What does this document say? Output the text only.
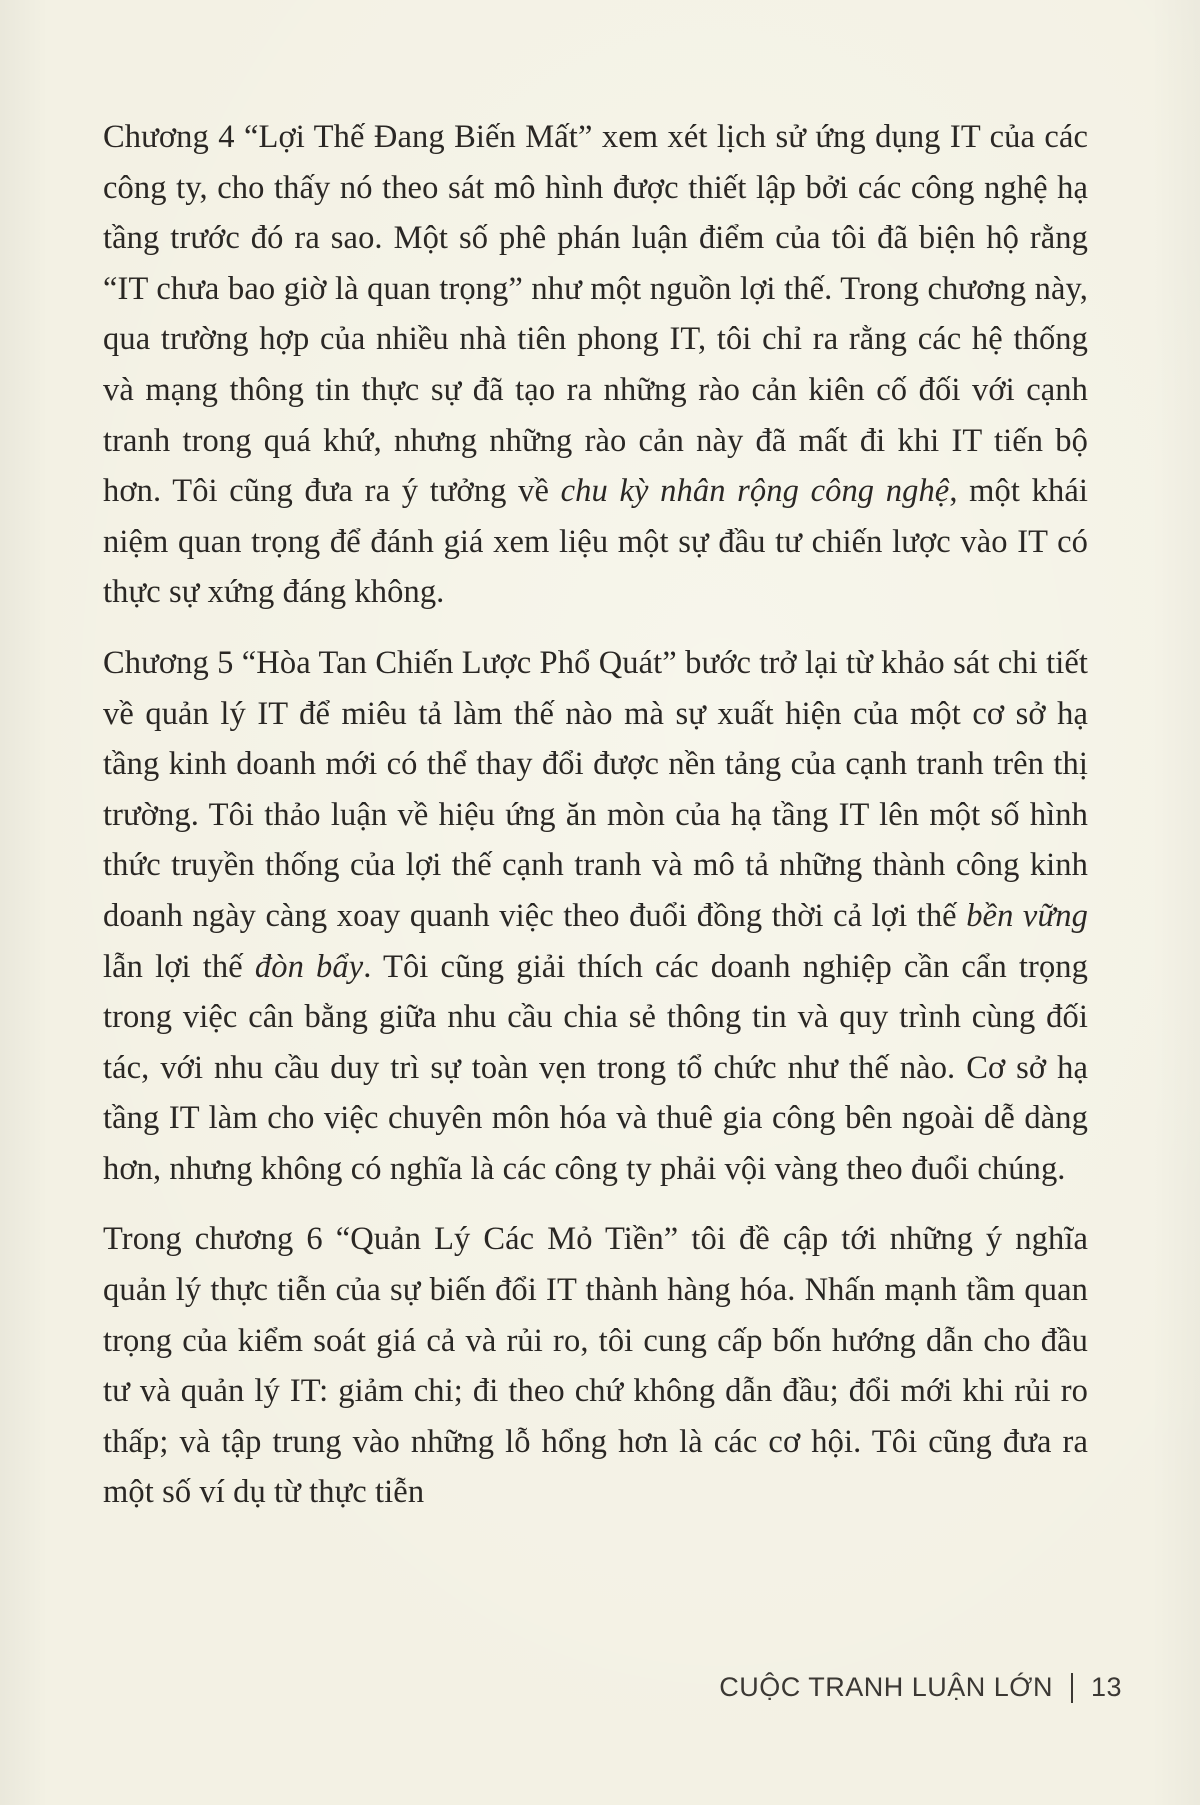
Chương 4 “Lợi Thế Đang Biến Mất” xem xét lịch sử ứng dụng IT của các công ty, cho thấy nó theo sát mô hình được thiết lập bởi các công nghệ hạ tầng trước đó ra sao. Một số phê phán luận điểm của tôi đã biện hộ rằng “IT chưa bao giờ là quan trọng” như một nguồn lợi thế. Trong chương này, qua trường hợp của nhiều nhà tiên phong IT, tôi chỉ ra rằng các hệ thống và mạng thông tin thực sự đã tạo ra những rào cản kiên cố đối với cạnh tranh trong quá khứ, nhưng những rào cản này đã mất đi khi IT tiến bộ hơn. Tôi cũng đưa ra ý tưởng về chu kỳ nhân rộng công nghệ, một khái niệm quan trọng để đánh giá xem liệu một sự đầu tư chiến lược vào IT có thực sự xứng đáng không.

Chương 5 “Hòa Tan Chiến Lược Phổ Quát” bước trở lại từ khảo sát chi tiết về quản lý IT để miêu tả làm thế nào mà sự xuất hiện của một cơ sở hạ tầng kinh doanh mới có thể thay đổi được nền tảng của cạnh tranh trên thị trường. Tôi thảo luận về hiệu ứng ăn mòn của hạ tầng IT lên một số hình thức truyền thống của lợi thế cạnh tranh và mô tả những thành công kinh doanh ngày càng xoay quanh việc theo đuổi đồng thời cả lợi thế bền vững lẫn lợi thế đòn bẩy. Tôi cũng giải thích các doanh nghiệp cần cẩn trọng trong việc cân bằng giữa nhu cầu chia sẻ thông tin và quy trình cùng đối tác, với nhu cầu duy trì sự toàn vẹn trong tổ chức như thế nào. Cơ sở hạ tầng IT làm cho việc chuyên môn hóa và thuê gia công bên ngoài dễ dàng hơn, nhưng không có nghĩa là các công ty phải vội vàng theo đuổi chúng.

Trong chương 6 “Quản Lý Các Mỏ Tiền” tôi đề cập tới những ý nghĩa quản lý thực tiễn của sự biến đổi IT thành hàng hóa. Nhấn mạnh tầm quan trọng của kiểm soát giá cả và rủi ro, tôi cung cấp bốn hướng dẫn cho đầu tư và quản lý IT: giảm chi; đi theo chứ không dẫn đầu; đổi mới khi rủi ro thấp; và tập trung vào những lỗ hổng hơn là các cơ hội. Tôi cũng đưa ra một số ví dụ từ thực tiễn

CUỘC TRANH LUẬN LỚN 13
